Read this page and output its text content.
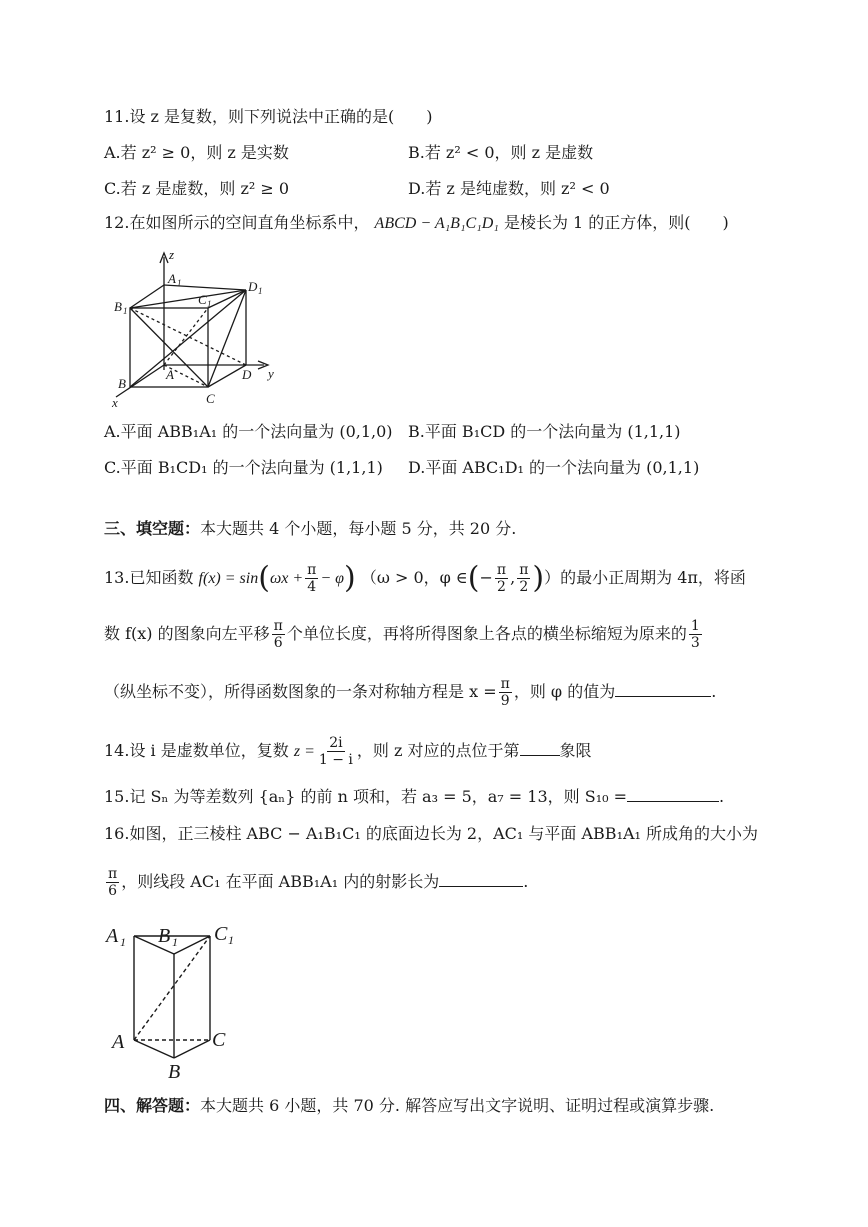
11.设 z 是复数，则下列说法中正确的是(　　)
A.若 z² ≥ 0，则 z 是实数	B.若 z² < 0，则 z 是虚数
C.若 z 是虚数，则 z² ≥ 0	D.若 z 是纯虚数，则 z² < 0
12.在如图所示的空间直角坐标系中， ABCD − A₁B₁C₁D₁ 是棱长为 1 的正方体，则(　　)
z
y
x
A 1
B 1
C 1
D 1
A
B
C
D
A.平面 ABB₁A₁ 的一个法向量为 (0,1,0) B.平面 B₁CD 的一个法向量为 (1,1,1)
C.平面 B₁CD₁ 的一个法向量为 (1,1,1) D.平面 ABC₁D₁ 的一个法向量为 (0,1,1)
三、填空题：本大题共 4 个小题，每小题 5 分，共 20 分.
13.已知函数 $f(x) = \sin(\omega x + \frac{\pi}{4} - \varphi)$ （ω > 0，φ ∈(− $\frac{\pi}{2}$ , $\frac{\pi}{2}$ )）的最小正周期为 4π，将函
数 f(x) 的图象向左平移 $\frac{\pi}{6}$ 个单位长度，再将所得图象上各点的横坐标缩短为原来的 $\frac{1}{3}$
（纵坐标不变），所得函数图象的一条对称轴方程是 $x = \frac{\pi}{9}$ ，则 φ 的值为	.
14.设 i 是虚数单位，复数 $z = \frac{2i}{1 - i}$ ，则 z 对应的点位于第	象限
15.记 Sₙ 为等差数列 {aₙ} 的前 n 项和，若 a₃ = 5，a₇ = 13，则 S₁₀ =	.
16.如图，正三棱柱 ABC − A₁B₁C₁ 的底面边长为 2，AC₁ 与平面 ABB₁A₁ 所成角的大小为
$\frac{\pi}{6}$ ，则线段 AC₁ 在平面 ABB₁A₁ 内的射影长为	.
A 1 B 1 C 1
A	C
B
四、解答题：本大题共 6 小题，共 70 分. 解答应写出文字说明、证明过程或演算步骤.
